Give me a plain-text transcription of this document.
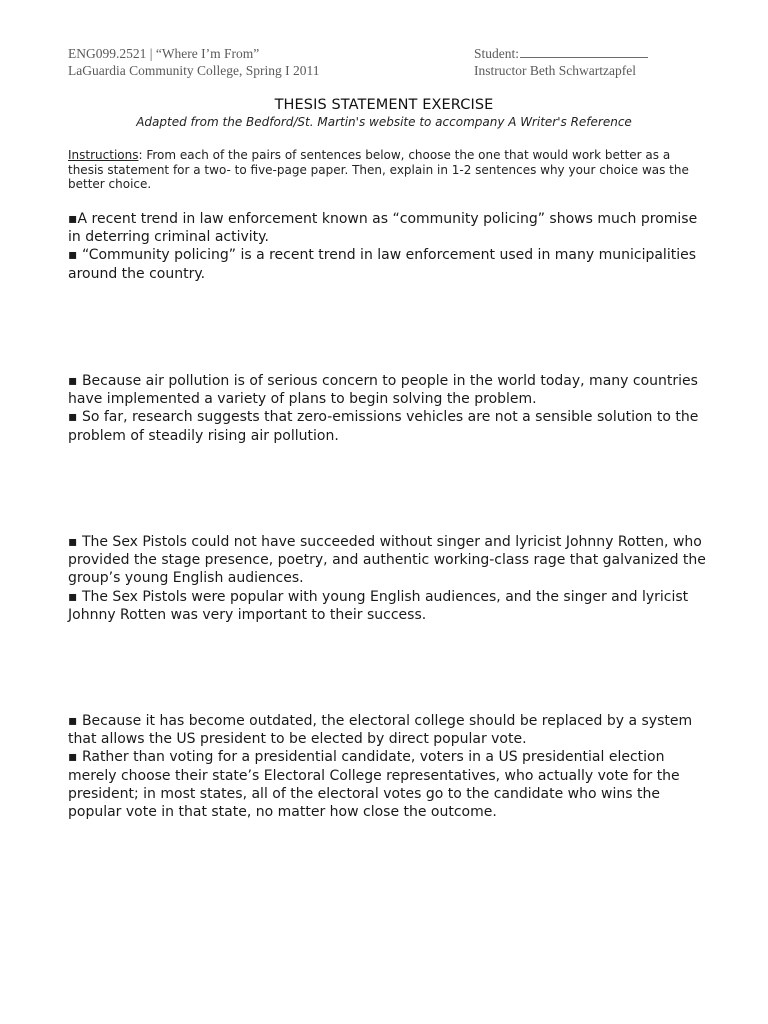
ENG099.2521 | “Where I’m From”
LaGuardia Community College, Spring I 2011
Student:
Instructor Beth Schwartzapfel
THESIS STATEMENT EXERCISE
Adapted from the Bedford/St. Martin's website to accompany A Writer's Reference
Instructions: From each of the pairs of sentences below, choose the one that would work better as a thesis statement for a two- to five-page paper. Then, explain in 1-2 sentences why your choice was the better choice.

▪A recent trend in law enforcement known as “community policing” shows much promise in deterring criminal activity.

▪ “Community policing” is a recent trend in law enforcement used in many municipalities around the country.

▪ Because air pollution is of serious concern to people in the world today, many countries have implemented a variety of plans to begin solving the problem.

▪ So far, research suggests that zero-emissions vehicles are not a sensible solution to the problem of steadily rising air pollution.

▪ The Sex Pistols could not have succeeded without singer and lyricist Johnny Rotten, who provided the stage presence, poetry, and authentic working-class rage that galvanized the group’s young English audiences.

▪ The Sex Pistols were popular with young English audiences, and the singer and lyricist Johnny Rotten was very important to their success.

▪ Because it has become outdated, the electoral college should be replaced by a system that allows the US president to be elected by direct popular vote.

▪ Rather than voting for a presidential candidate, voters in a US presidential election merely choose their state’s Electoral College representatives, who actually vote for the president; in most states, all of the electoral votes go to the candidate who wins the popular vote in that state, no matter how close the outcome.
